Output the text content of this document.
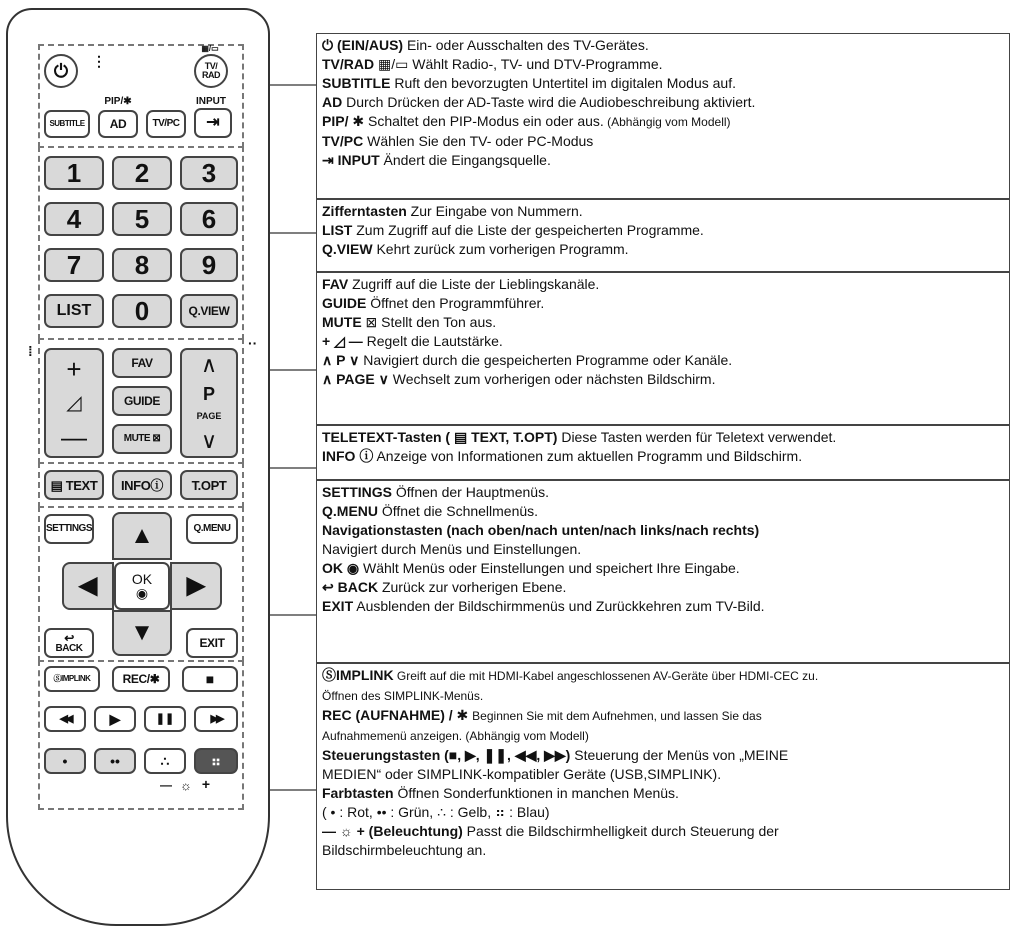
⏻	⋮
▦/▭
TV/
RAD
PIP/✱	INPUT
SUBTITLE	AD	TV/PC	⇥
1	2	3
4	5	6
7	8	9
LIST	0	Q.VIEW
⁞	··
+
◿
—
FAV
GUIDE
MUTE ⊠
∧
P
PAGE
∨
▤ TEXT	INFOⓘ	T.OPT
SETTINGS	Q.MENU
▲
◀	OK
◉	▶
▼
↩
BACK	EXIT
ⓈIMPLINK	REC/✱	■
◀◀	▶	❚❚	▶▶
•	••	∴	⠶
— ☼ +

⏻ (EIN/AUS) Ein- oder Ausschalten des TV-Gerätes.

TV/RAD ▦/▭ Wählt Radio-, TV- und DTV-Programme.

SUBTITLE Ruft den bevorzugten Untertitel im digitalen Modus auf.

AD Durch Drücken der AD-Taste wird die Audiobeschreibung aktiviert.

PIP/ ✱ Schaltet den PIP-Modus ein oder aus. (Abhängig vom Modell)

TV/PC Wählen Sie den TV- oder PC-Modus

⇥ INPUT Ändert die Eingangsquelle.

Zifferntasten Zur Eingabe von Nummern.

LIST Zum Zugriff auf die Liste der gespeicherten Programme.

Q.VIEW Kehrt zurück zum vorherigen Programm.

FAV Zugriff auf die Liste der Lieblingskanäle.

GUIDE Öffnet den Programmführer.

MUTE ⊠ Stellt den Ton aus.

+ ◿ — Regelt die Lautstärke.

∧ P ∨ Navigiert durch die gespeicherten Programme oder Kanäle.

∧ PAGE ∨ Wechselt zum vorherigen oder nächsten Bildschirm.

TELETEXT-Tasten ( ▤ TEXT, T.OPT) Diese Tasten werden für Teletext verwendet.

INFO ⓘ Anzeige von Informationen zum aktuellen Programm und Bildschirm.

SETTINGS Öffnen der Hauptmenüs.

Q.MENU Öffnet die Schnellmenüs.

Navigationstasten (nach oben/nach unten/nach links/nach rechts)

Navigiert durch Menüs und Einstellungen.

OK ◉ Wählt Menüs oder Einstellungen und speichert Ihre Eingabe.

↩ BACK Zurück zur vorherigen Ebene.

EXIT Ausblenden der Bildschirmmenüs und Zurückkehren zum TV-Bild.

ⓈIMPLINK Greift auf die mit HDMI-Kabel angeschlossenen AV-Geräte über HDMI-CEC zu.

Öffnen des SIMPLINK-Menüs.

REC (AUFNAHME) / ✱ Beginnen Sie mit dem Aufnehmen, und lassen Sie das

Aufnahmemenü anzeigen. (Abhängig vom Modell)

Steuerungstasten (■, ▶, ❚❚, ◀◀, ▶▶) Steuerung der Menüs von „MEINE

MEDIEN“ oder SIMPLINK-kompatibler Geräte (USB,SIMPLINK).

Farbtasten Öffnen Sonderfunktionen in manchen Menüs.

( • : Rot, •• : Grün, ∴ : Gelb, ⠶ : Blau)

— ☼ + (Beleuchtung) Passt die Bildschirmhelligkeit durch Steuerung der

Bildschirmbeleuchtung an.
